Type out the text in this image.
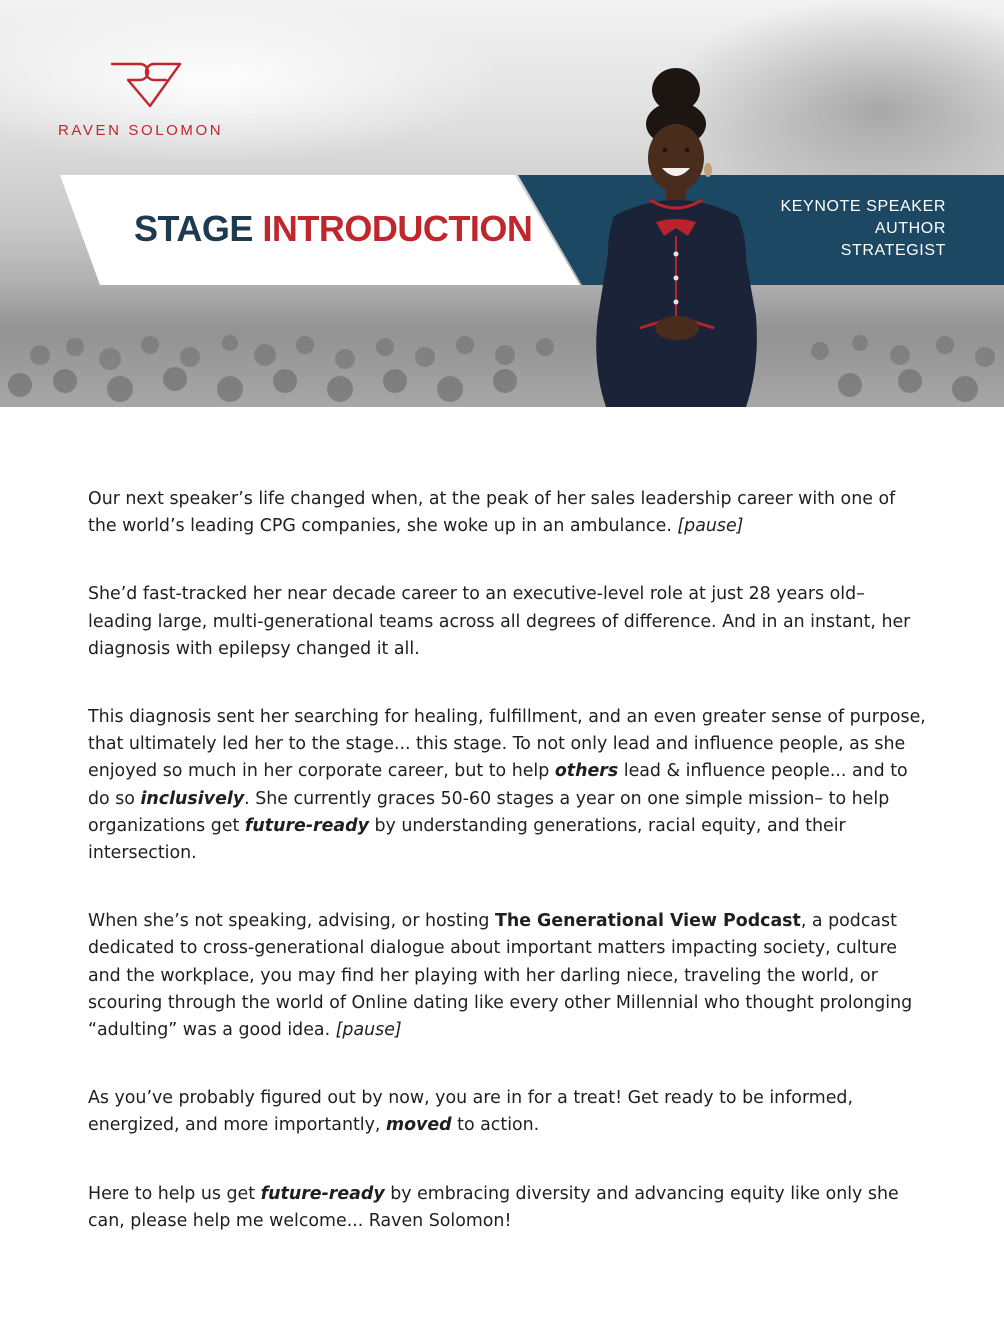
RAVEN SOLOMON
STAGE INTRODUCTION
KEYNOTE SPEAKER
AUTHOR
STRATEGIST

Our next speaker’s life changed when, at the peak of her sales leadership career with one of the world’s leading CPG companies, she woke up in an ambulance. [pause]

She’d fast-tracked her near decade career to an executive-level role at just 28 years old– leading large, multi-generational teams across all degrees of difference. And in an instant, her diagnosis with epilepsy changed it all.

This diagnosis sent her searching for healing, fulfillment, and an even greater sense of purpose, that ultimately led her to the stage... this stage. To not only lead and influence people, as she enjoyed so much in her corporate career, but to help others lead & influence people... and to do so inclusively. She currently graces 50-60 stages a year on one simple mission– to help organizations get future-ready by understanding generations, racial equity, and their intersection.

When she’s not speaking, advising, or hosting The Generational View Podcast, a podcast dedicated to cross-generational dialogue about important matters impacting society, culture and the workplace, you may find her playing with her darling niece, traveling the world, or scouring through the world of Online dating like every other Millennial who thought prolonging “adulting” was a good idea. [pause]

As you’ve probably figured out by now, you are in for a treat! Get ready to be informed, energized, and more importantly, moved to action.

Here to help us get future-ready by embracing diversity and advancing equity like only she can, please help me welcome... Raven Solomon!
